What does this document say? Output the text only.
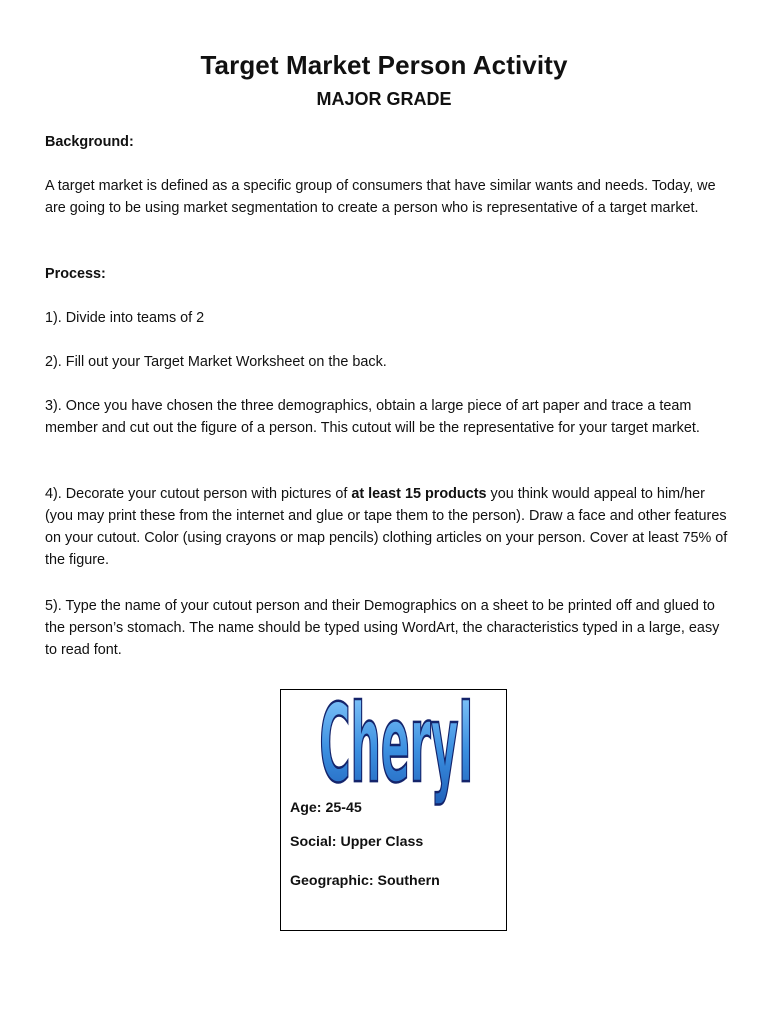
Target Market Person Activity
MAJOR GRADE
Background:

A target market is defined as a specific group of consumers that have similar wants and needs. Today, we are going to be using market segmentation to create a person who is representative of a target market.

Process:

1). Divide into teams of 2

2). Fill out your Target Market Worksheet on the back.

3). Once you have chosen the three demographics, obtain a large piece of art paper and trace a team member and cut out the figure of a person. This cutout will be the representative for your target market.

4). Decorate your cutout person with pictures of at least 15 products you think would appeal to him/her (you may print these from the internet and glue or tape them to the person). Draw a face and other features on your cutout. Color (using crayons or map pencils) clothing articles on your person. Cover at least 75% of the figure.

5). Type the name of your cutout person and their Demographics on a sheet to be printed off and glued to the person’s stomach. The name should be typed using WordArt, the characteristics typed in a large, easy to read font.

Cheryl
Age: 25-45
Social: Upper Class
Geographic: Southern
